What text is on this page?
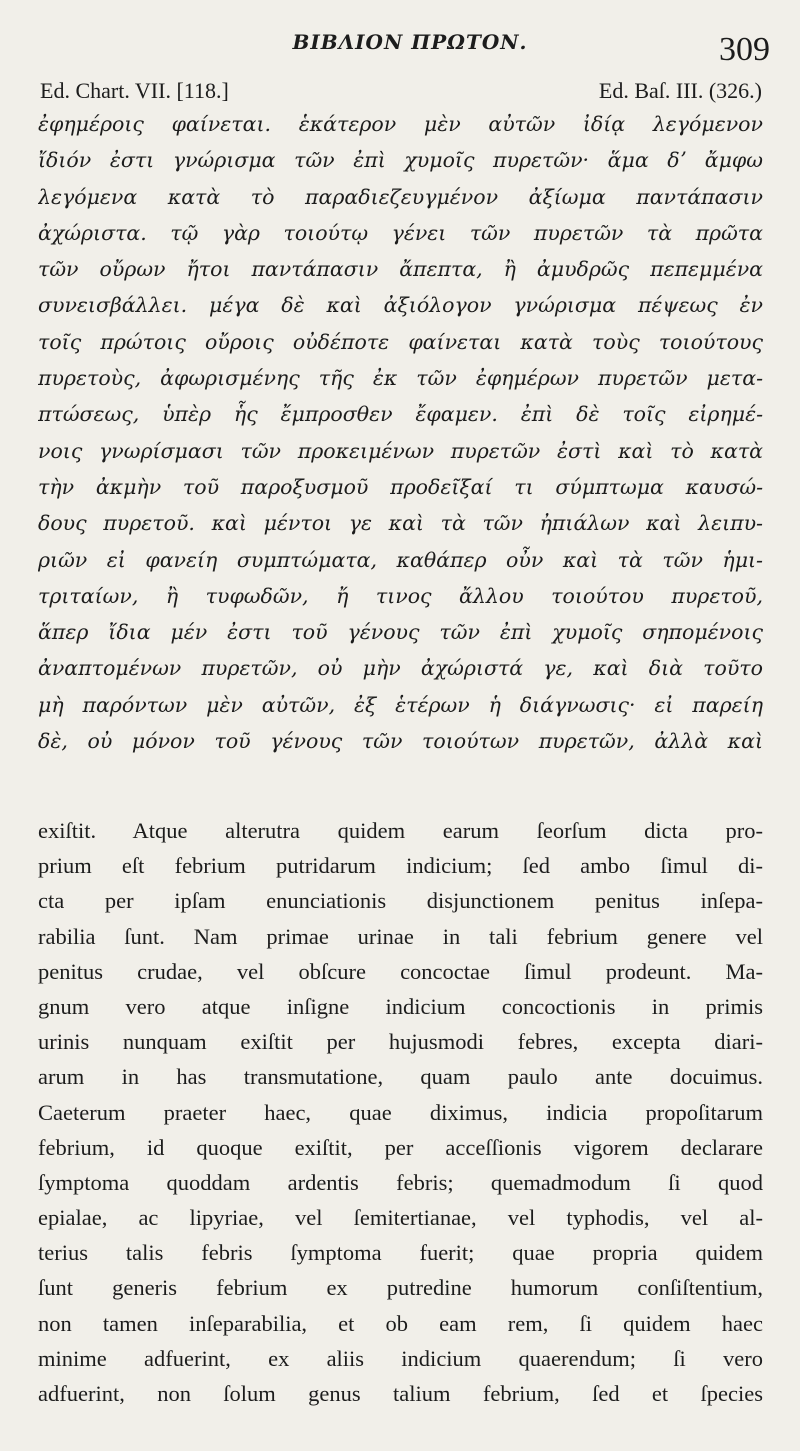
ΒΙΒΛΙΟΝ ΠΡΩΤΟΝ.	309
Ed. Chart. VII. [118.]	Ed. Baſ. III. (326.)
ἐφημέροις φαίνεται. ἑκάτερον μὲν αὐτῶν ἰδίᾳ λεγόμενον
ἴδιόν ἐστι γνώρισμα τῶν ἐπὶ χυμοῖς πυρετῶν· ἅμα δʼ ἄμφω
λεγόμενα κατὰ τὸ παραδιεζευγμένον ἀξίωμα παντάπασιν
ἀχώριστα. τῷ γὰρ τοιούτῳ γένει τῶν πυρετῶν τὰ πρῶτα
τῶν οὔρων ἤτοι παντάπασιν ἄπεπτα, ἢ ἀμυδρῶς πεπεμμένα
συνεισβάλλει. μέγα δὲ καὶ ἀξιόλογον γνώρισμα πέψεως ἐν
τοῖς πρώτοις οὔροις οὐδέποτε φαίνεται κατὰ τοὺς τοιούτους
πυρετοὺς, ἀφωρισμένης τῆς ἐκ τῶν ἐφημέρων πυρετῶν μετα-
πτώσεως, ὑπὲρ ἧς ἔμπροσθεν ἔφαμεν. ἐπὶ δὲ τοῖς εἰρημέ-
νοις γνωρίσμασι τῶν προκειμένων πυρετῶν ἐστὶ καὶ τὸ κατὰ
τὴν ἀκμὴν τοῦ παροξυσμοῦ προδεῖξαί τι σύμπτωμα καυσώ-
δους πυρετοῦ. καὶ μέντοι γε καὶ τὰ τῶν ἠπιάλων καὶ λειπυ-
ριῶν εἰ φανείη συμπτώματα, καθάπερ οὖν καὶ τὰ τῶν ἡμι-
τριταίων, ἢ τυφωδῶν, ἤ τινος ἄλλου τοιούτου πυρετοῦ,
ἅπερ ἴδια μέν ἐστι τοῦ γένους τῶν ἐπὶ χυμοῖς σηπομένοις
ἀναπτομένων πυρετῶν, οὐ μὴν ἀχώριστά γε, καὶ διὰ τοῦτο
μὴ παρόντων μὲν αὐτῶν, ἐξ ἑτέρων ἡ διάγνωσις· εἰ παρείη
δὲ, οὐ μόνον τοῦ γένους τῶν τοιούτων πυρετῶν, ἀλλὰ καὶ
exiſtit. Atque alterutra quidem earum ſeorſum dicta pro-
prium eſt febrium putridarum indicium; ſed ambo ſimul di-
cta per ipſam enunciationis disjunctionem penitus inſepa-
rabilia ſunt. Nam primae urinae in tali febrium genere vel
penitus crudae, vel obſcure concoctae ſimul prodeunt. Ma-
gnum vero atque inſigne indicium concoctionis in primis
urinis nunquam exiſtit per hujusmodi febres, excepta diari-
arum in has transmutatione, quam paulo ante docuimus.
Caeterum praeter haec, quae diximus, indicia propoſitarum
febrium, id quoque exiſtit, per acceſſionis vigorem declarare
ſymptoma quoddam ardentis febris; quemadmodum ſi quod
epialae, ac lipyriae, vel ſemitertianae, vel typhodis, vel al-
terius talis febris ſymptoma fuerit; quae propria quidem
ſunt generis febrium ex putredine humorum conſiſtentium,
non tamen inſeparabilia, et ob eam rem, ſi quidem haec
minime adfuerint, ex aliis indicium quaerendum; ſi vero
adfuerint, non ſolum genus talium febrium, ſed et ſpecies
